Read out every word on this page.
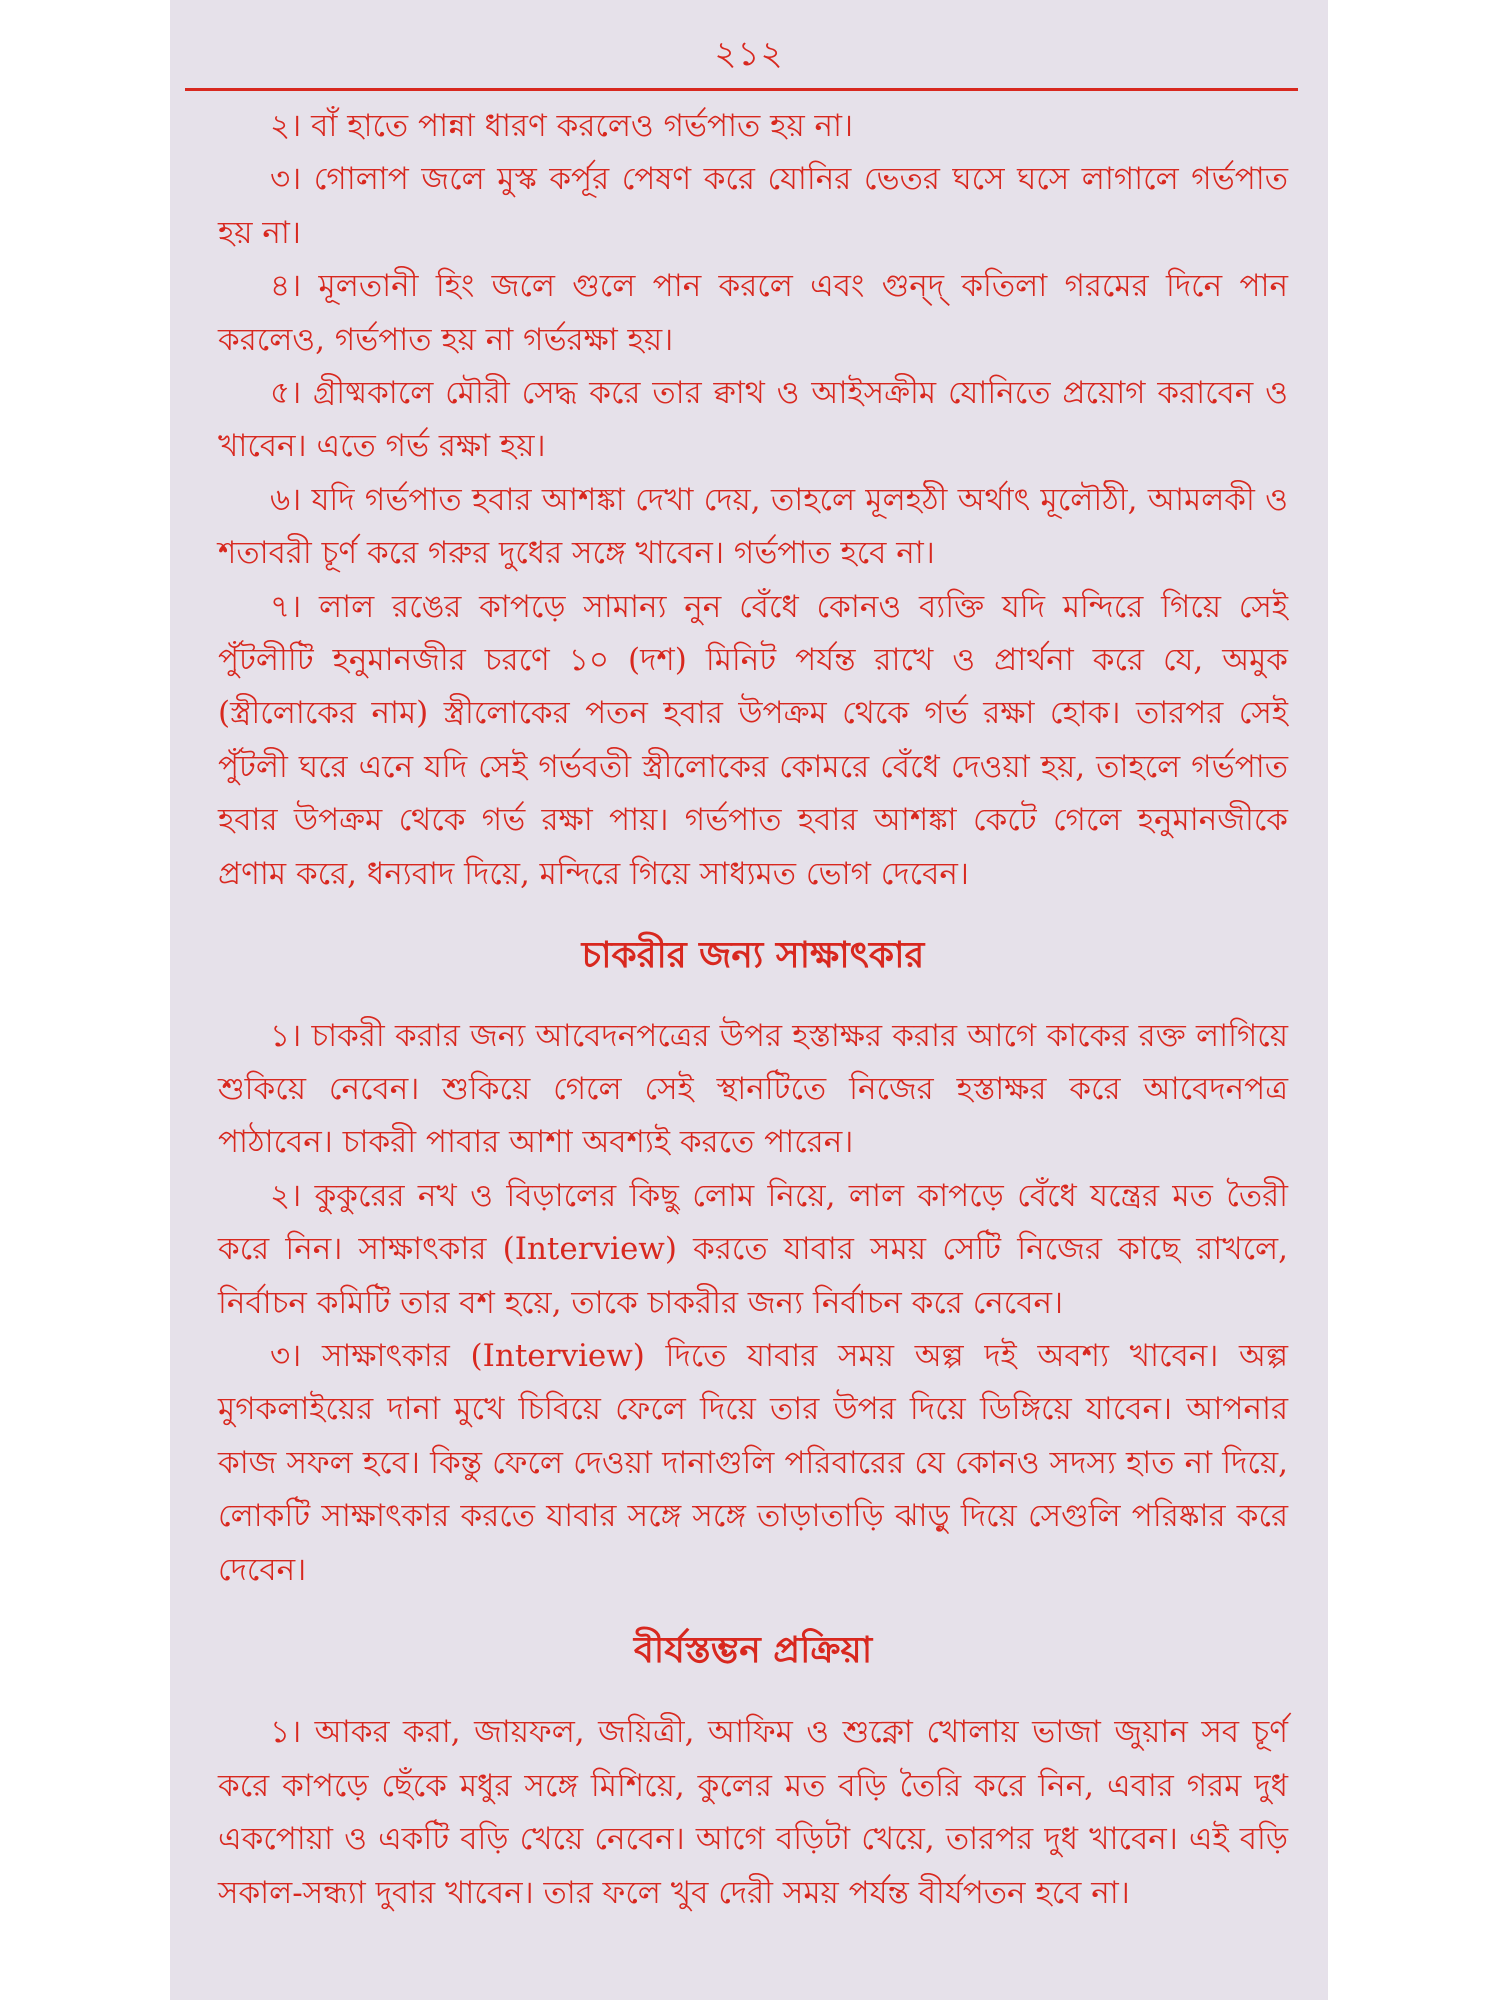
২১২

২। বাঁ হাতে পান্না ধারণ করলেও গর্ভপাত হয় না।

৩। গোলাপ জলে মুস্ক কর্পূর পেষণ করে যোনির ভেতর ঘসে ঘসে লাগালে গর্ভপাত হয় না।

৪। মূলতানী হিং জলে গুলে পান করলে এবং গুন্দ্ কতিলা গরমের দিনে পান করলেও, গর্ভপাত হয় না গর্ভরক্ষা হয়।

৫। গ্রীষ্মকালে মৌরী সেদ্ধ করে তার ক্বাথ ও আইসক্রীম যোনিতে প্রয়োগ করাবেন ও খাবেন। এতে গর্ভ রক্ষা হয়।

৬। যদি গর্ভপাত হবার আশঙ্কা দেখা দেয়, তাহলে মূলহঠী অর্থাৎ মূলৌঠী, আমলকী ও শতাবরী চূর্ণ করে গরুর দুধের সঙ্গে খাবেন। গর্ভপাত হবে না।

৭। লাল রঙের কাপড়ে সামান্য নুন বেঁধে কোনও ব্যক্তি যদি মন্দিরে গিয়ে সেই পুঁটলীটি হনুমানজীর চরণে ১০ (দশ) মিনিট পর্যন্ত রাখে ও প্রার্থনা করে যে, অমুক (স্ত্রীলোকের নাম) স্ত্রীলোকের পতন হবার উপক্রম থেকে গর্ভ রক্ষা হোক। তারপর সেই পুঁটলী ঘরে এনে যদি সেই গর্ভবতী স্ত্রীলোকের কোমরে বেঁধে দেওয়া হয়, তাহলে গর্ভপাত হবার উপক্রম থেকে গর্ভ রক্ষা পায়। গর্ভপাত হবার আশঙ্কা কেটে গেলে হনুমানজীকে প্রণাম করে, ধন্যবাদ দিয়ে, মন্দিরে গিয়ে সাধ্যমত ভোগ দেবেন।

চাকরীর জন্য সাক্ষাৎকার

১। চাকরী করার জন্য আবেদনপত্রের উপর হস্তাক্ষর করার আগে কাকের রক্ত লাগিয়ে শুকিয়ে নেবেন। শুকিয়ে গেলে সেই স্থানটিতে নিজের হস্তাক্ষর করে আবেদনপত্র পাঠাবেন। চাকরী পাবার আশা অবশ্যই করতে পারেন।

২। কুকুরের নখ ও বিড়ালের কিছু লোম নিয়ে, লাল কাপড়ে বেঁধে যন্ত্রের মত তৈরী করে নিন। সাক্ষাৎকার (Interview) করতে যাবার সময় সেটি নিজের কাছে রাখলে, নির্বাচন কমিটি তার বশ হয়ে, তাকে চাকরীর জন্য নির্বাচন করে নেবেন।

৩। সাক্ষাৎকার (Interview) দিতে যাবার সময় অল্প দই অবশ্য খাবেন। অল্প মুগকলাইয়ের দানা মুখে চিবিয়ে ফেলে দিয়ে তার উপর দিয়ে ডিঙ্গিয়ে যাবেন। আপনার কাজ সফল হবে। কিন্তু ফেলে দেওয়া দানাগুলি পরিবারের যে কোনও সদস্য হাত না দিয়ে, লোকটি সাক্ষাৎকার করতে যাবার সঙ্গে সঙ্গে তাড়াতাড়ি ঝাড়ু দিয়ে সেগুলি পরিষ্কার করে দেবেন।

বীর্যস্তম্ভন প্রক্রিয়া

১। আকর করা, জায়ফল, জয়িত্রী, আফিম ও শুক্নো খোলায় ভাজা জুয়ান সব চূর্ণ করে কাপড়ে ছেঁকে মধুর সঙ্গে মিশিয়ে, কুলের মত বড়ি তৈরি করে নিন, এবার গরম দুধ একপোয়া ও একটি বড়ি খেয়ে নেবেন। আগে বড়িটা খেয়ে, তারপর দুধ খাবেন। এই বড়ি সকাল-সন্ধ্যা দুবার খাবেন। তার ফলে খুব দেরী সময় পর্যন্ত বীর্যপতন হবে না।
